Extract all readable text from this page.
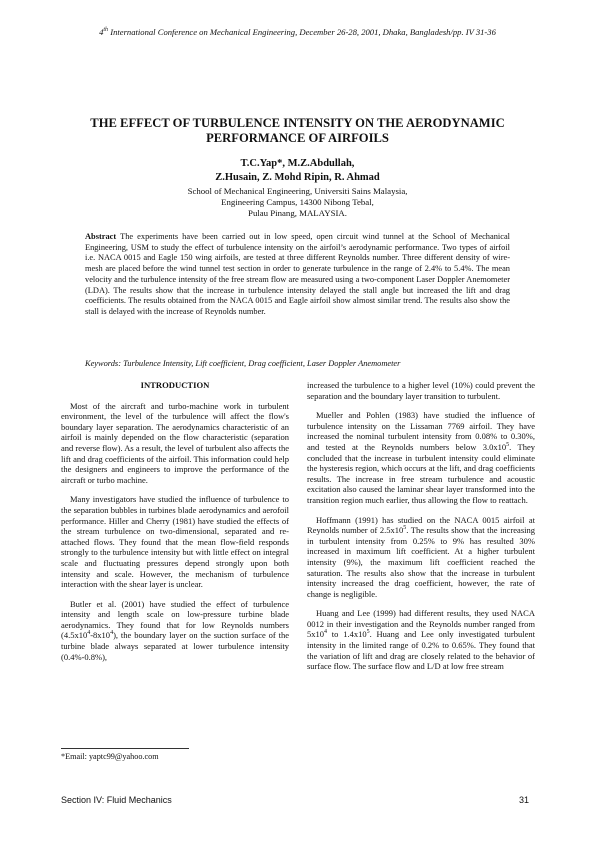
4th International Conference on Mechanical Engineering, December 26-28, 2001, Dhaka, Bangladesh/pp. IV 31-36
THE EFFECT OF TURBULENCE INTENSITY ON THE AERODYNAMIC
PERFORMANCE OF AIRFOILS
T.C.Yap*, M.Z.Abdullah,
Z.Husain, Z. Mohd Ripin, R. Ahmad
School of Mechanical Engineering, Universiti Sains Malaysia,
Engineering Campus, 14300 Nibong Tebal,
Pulau Pinang, MALAYSIA.

Abstract The experiments have been carried out in low speed, open circuit wind tunnel at the School of Mechanical Engineering, USM to study the effect of turbulence intensity on the airfoil’s aerodynamic performance. Two types of airfoil i.e. NACA 0015 and Eagle 150 wing airfoils, are tested at three different Reynolds number. Three different density of wire-mesh are placed before the wind tunnel test section in order to generate turbulence in the range of 2.4% to 5.4%. The mean velocity and the turbulence intensity of the free stream flow are measured using a two-component Laser Doppler Anemometer (LDA). The results show that the increase in turbulence intensity delayed the stall angle but increased the lift and drag coefficients. The results obtained from the NACA 0015 and Eagle airfoil show almost similar trend. The results also show the stall is delayed with the increase of Reynolds number.

Keywords: Turbulence Intensity, Lift coefficient, Drag coefficient, Laser Doppler Anemometer
INTRODUCTION

Most of the aircraft and turbo-machine work in turbulent environment, the level of the turbulence will affect the flow's boundary layer separation. The aerodynamics characteristic of an airfoil is mainly depended on the flow characteristic (separation and reverse flow). As a result, the level of turbulent also affects the lift and drag coefficients of the airfoil. This information could help the designers and engineers to improve the performance of the aircraft or turbo machine.

Many investigators have studied the influence of turbulence to the separation bubbles in turbines blade aerodynamics and aerofoil performance. Hiller and Cherry (1981) have studied the effects of the stream turbulence on two-dimensional, separated and re-attached flows. They found that the mean flow-field responds strongly to the turbulence intensity but with little effect on integral scale and fluctuating pressures depend strongly upon both intensity and scale. However, the mechanism of turbulence interaction with the shear layer is unclear.

Butler et al. (2001) have studied the effect of turbulence intensity and length scale on low-pressure turbine blade aerodynamics. They found that for low Reynolds numbers $(4.5x10^4-8x10^4)$, the boundary layer on the suction surface of the turbine blade always separated at lower turbulence intensity (0.4%-0.8%),

increased the turbulence to a higher level (10%) could prevent the separation and the boundary layer transition to turbulent.

Mueller and Pohlen (1983) have studied the influence of turbulence intensity on the Lissaman 7769 airfoil. They have increased the nominal turbulent intensity from 0.08% to 0.30%, and tested at the Reynolds numbers below $3.0x10^5$. They concluded that the increase in turbulent intensity could eliminate the hysteresis region, which occurs at the lift, and drag coefficients results. The increase in free stream turbulence and acoustic excitation also caused the laminar shear layer transformed into the transition region much earlier, thus allowing the flow to reattach.

Hoffmann (1991) has studied on the NACA 0015 airfoil at Reynolds number of $2.5x10^5$. The results show that the increasing in turbulent intensity from 0.25% to 9% has resulted 30% increased in maximum lift coefficient. At a higher turbulent intensity (9%), the maximum lift coefficient reached the saturation. The results also show that the increase in turbulent intensity increased the drag coefficient, however, the rate of change is negligible.

Huang and Lee (1999) had different results, they used NACA 0012 in their investigation and the Reynolds number ranged from $5x10^4$ to $1.4x10^5$. Huang and Lee only investigated turbulent intensity in the limited range of 0.2% to 0.65%. They found that the variation of lift and drag are closely related to the behavior of surface flow. The surface flow and L/D at low free stream

*Email: yaptc99@yahoo.com
Section IV: Fluid Mechanics	31
